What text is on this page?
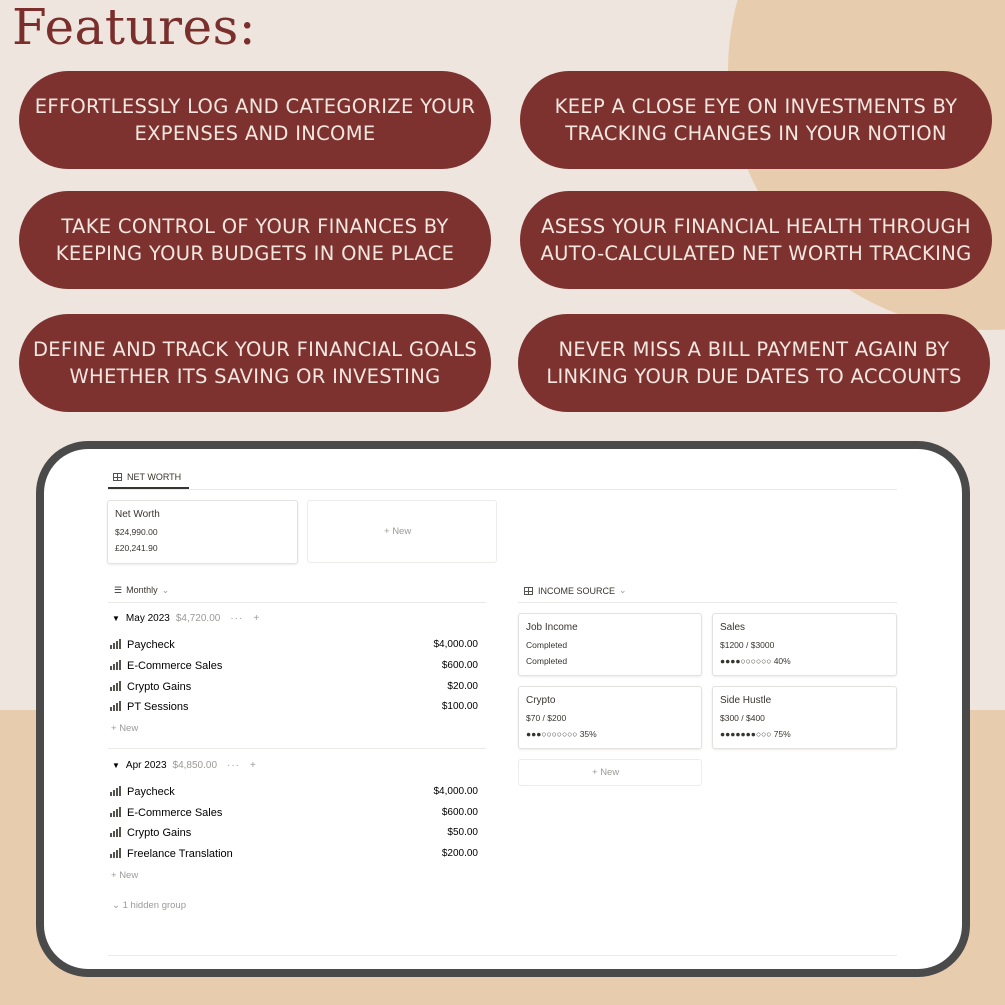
Features:
EFFORTLESSLY LOG AND CATEGORIZE YOUR
EXPENSES AND INCOME
KEEP A CLOSE EYE ON INVESTMENTS BY
TRACKING CHANGES IN YOUR NOTION
TAKE CONTROL OF YOUR FINANCES BY
KEEPING YOUR BUDGETS IN ONE PLACE
ASESS YOUR FINANCIAL HEALTH THROUGH
AUTO-CALCULATED NET WORTH TRACKING
DEFINE AND TRACK YOUR FINANCIAL GOALS
WHETHER ITS SAVING OR INVESTING
NEVER MISS A BILL PAYMENT AGAIN BY
LINKING YOUR DUE DATES TO ACCOUNTS
NET WORTH
Net Worth
$24,990.00
£20,241.90
+ New
☰ Monthly ⌄
▼ May 2023 $4,720.00 ··· +
Paycheck	$4,000.00
E-Commerce Sales	$600.00
Crypto Gains	$20.00
PT Sessions	$100.00
+ New
▼ Apr 2023 $4,850.00 ··· +
Paycheck	$4,000.00
E-Commerce Sales	$600.00
Crypto Gains	$50.00
Freelance Translation	$200.00
+ New
⌄ 1 hidden group
INCOME SOURCE ⌄
Job Income
Completed
Completed
Sales
$1200 / $3000
●●●●○○○○○○ 40%
Crypto
$70 / $200
●●●○○○○○○○ 35%
Side Hustle
$300 / $400
●●●●●●●○○○ 75%
+ New
